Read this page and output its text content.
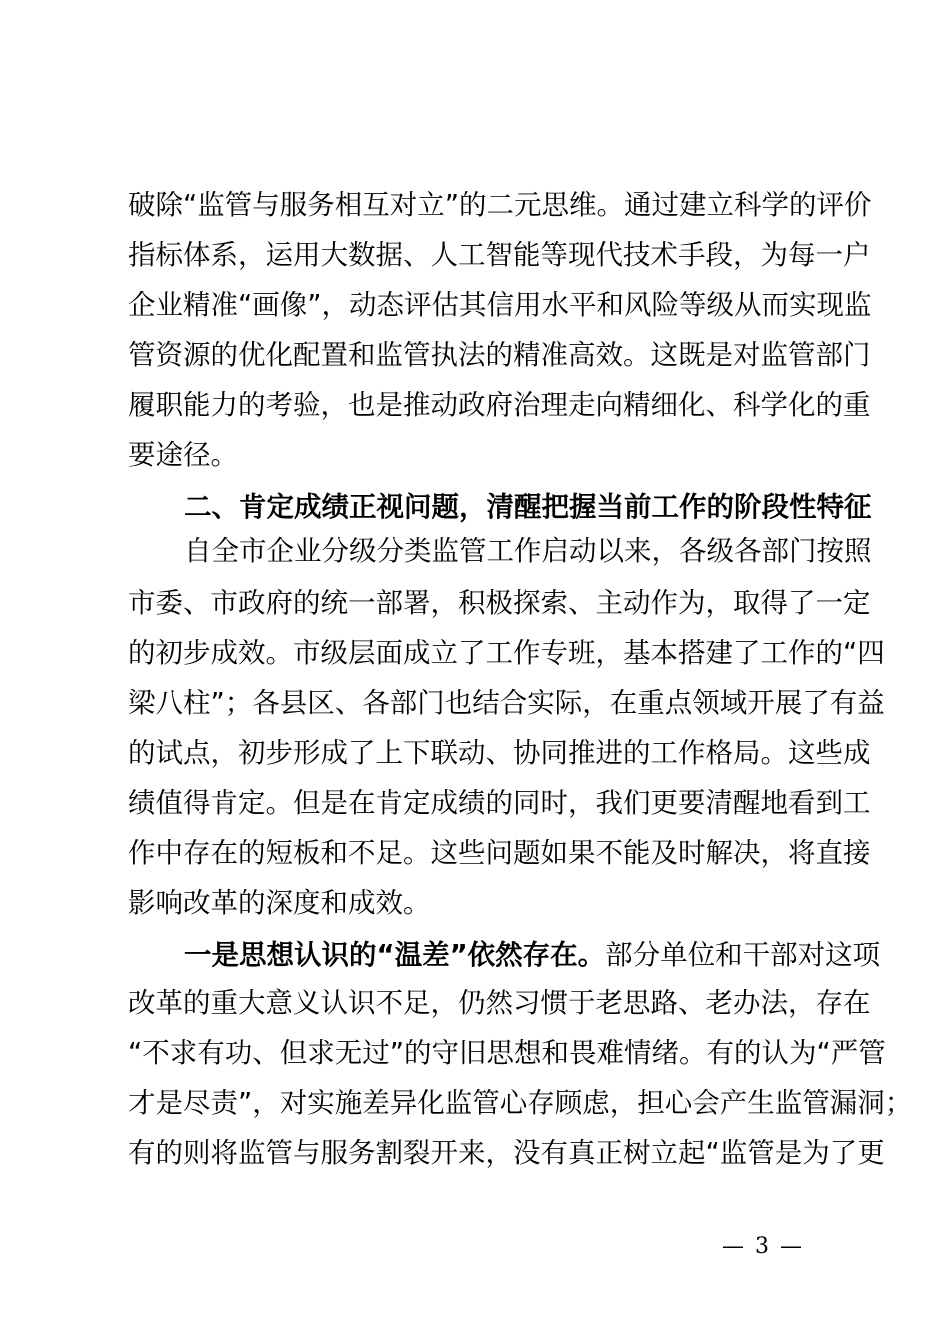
破除“监管与服务相互对立”的二元思维。通过建立科学的评价
指标体系，运用大数据、人工智能等现代技术手段，为每一户
企业精准“画像”，动态评估其信用水平和风险等级从而实现监
管资源的优化配置和监管执法的精准高效。这既是对监管部门
履职能力的考验，也是推动政府治理走向精细化、科学化的重
要途径。
二、肯定成绩正视问题，清醒把握当前工作的阶段性特征
自全市企业分级分类监管工作启动以来，各级各部门按照
市委、市政府的统一部署，积极探索、主动作为，取得了一定
的初步成效。市级层面成立了工作专班，基本搭建了工作的“四
梁八柱”；各县区、各部门也结合实际，在重点领域开展了有益
的试点，初步形成了上下联动、协同推进的工作格局。这些成
绩值得肯定。但是在肯定成绩的同时，我们更要清醒地看到工
作中存在的短板和不足。这些问题如果不能及时解决，将直接
影响改革的深度和成效。
一是思想认识的“温差”依然存在。部分单位和干部对这项
改革的重大意义认识不足，仍然习惯于老思路、老办法，存在
“不求有功、但求无过”的守旧思想和畏难情绪。有的认为“严管
才是尽责”，对实施差异化监管心存顾虑，担心会产生监管漏洞；
有的则将监管与服务割裂开来，没有真正树立起“监管是为了更
— 3 —
